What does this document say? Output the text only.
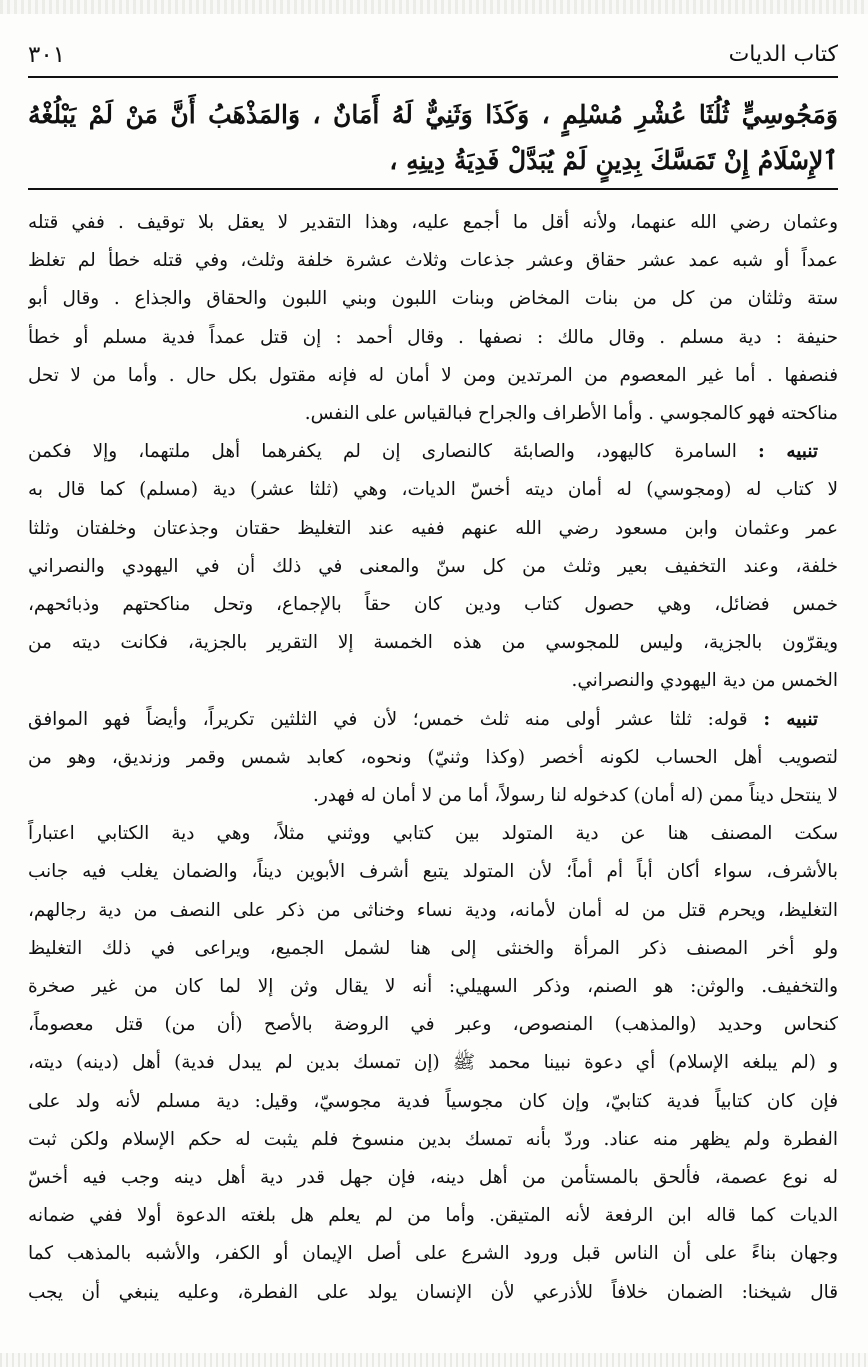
كتاب الديات
٣٠١
وَمَجُوسِيٍّ ثُلُثَا عُشْرِ مُسْلِمٍ ، وَكَذَا وَثَنِيٌّ لَهُ أَمَانٌ ، وَالمَذْهَبُ أَنَّ مَنْ لَمْ يَبْلُغْهُ
ٱلإِسْلَامُ إِنْ تَمَسَّكَ بِدِينٍ لَمْ يُبَدَّلْ فَدِيَةُ دِينِهِ ،
وعثمان رضي الله عنهما، ولأنه أقل ما أجمع عليه، وهذا التقدير لا يعقل بلا توقيف . ففي قتله
عمداً أو شبه عمد عشر حقاق وعشر جذعات وثلاث عشرة خلفة وثلث، وفي قتله خطأ لم تغلظ
ستة وثلثان من كل من بنات المخاض وبنات اللبون وبني اللبون والحقاق والجذاع . وقال أبو
حنيفة : دية مسلم . وقال مالك : نصفها . وقال أحمد : إن قتل عمداً فدية مسلم أو خطأ
فنصفها . أما غير المعصوم من المرتدين ومن لا أمان له فإنه مقتول بكل حال . وأما من لا تحل
مناكحته فهو كالمجوسي . وأما الأطراف والجراح فبالقياس على النفس.
تنبيه : السامرة كاليهود، والصابئة كالنصارى إن لم يكفرهما أهل ملتهما، وإلا فكمن
لا كتاب له (ومجوسي) له أمان ديته أخسّ الديات، وهي (ثلثا عشر) دية (مسلم) كما قال به
عمر وعثمان وابن مسعود رضي الله عنهم ففيه عند التغليظ حقتان وجذعتان وخلفتان وثلثا
خلفة، وعند التخفيف بعير وثلث من كل سنّ والمعنى في ذلك أن في اليهودي والنصراني
خمس فضائل، وهي حصول كتاب ودين كان حقاً بالإجماع، وتحل مناكحتهم وذبائحهم،
ويقرّون بالجزية، وليس للمجوسي من هذه الخمسة إلا التقرير بالجزية، فكانت ديته من
الخمس من دية اليهودي والنصراني.
تنبيه : قوله: ثلثا عشر أولى منه ثلث خمس؛ لأن في الثلثين تكريراً، وأيضاً فهو الموافق
لتصويب أهل الحساب لكونه أخصر (وكذا وثنيّ) ونحوه، كعابد شمس وقمر وزنديق، وهو من
لا ينتحل ديناً ممن (له أمان) كدخوله لنا رسولاً، أما من لا أمان له فهدر.
سكت المصنف هنا عن دية المتولد بين كتابي ووثني مثلاً، وهي دية الكتابي اعتباراً
بالأشرف، سواء أكان أباً أم أماً؛ لأن المتولد يتبع أشرف الأبوين ديناً، والضمان يغلب فيه جانب
التغليظ، ويحرم قتل من له أمان لأمانه، ودية نساء وخناثى من ذكر على النصف من دية رجالهم،
ولو أخر المصنف ذكر المرأة والخنثى إلى هنا لشمل الجميع، ويراعى في ذلك التغليظ
والتخفيف. والوثن: هو الصنم، وذكر السهيلي: أنه لا يقال وثن إلا لما كان من غير صخرة
كنحاس وحديد (والمذهب) المنصوص، وعبر في الروضة بالأصح (أن من) قتل معصوماً،
و (لم يبلغه الإسلام) أي دعوة نبينا محمد ﷺ (إن تمسك بدين لم يبدل فدية) أهل (دينه) ديته،
فإن كان كتابياً فدية كتابيّ، وإن كان مجوسياً فدية مجوسيّ، وقيل: دية مسلم لأنه ولد على
الفطرة ولم يظهر منه عناد. وردّ بأنه تمسك بدين منسوخ فلم يثبت له حكم الإسلام ولكن ثبت
له نوع عصمة، فألحق بالمستأمن من أهل دينه، فإن جهل قدر دية أهل دينه وجب فيه أخسّ
الديات كما قاله ابن الرفعة لأنه المتيقن. وأما من لم يعلم هل بلغته الدعوة أولا ففي ضمانه
وجهان بناءً على أن الناس قبل ورود الشرع على أصل الإيمان أو الكفر، والأشبه بالمذهب كما
قال شيخنا: الضمان خلافاً للأذرعي لأن الإنسان يولد على الفطرة، وعليه ينبغي أن يجب
